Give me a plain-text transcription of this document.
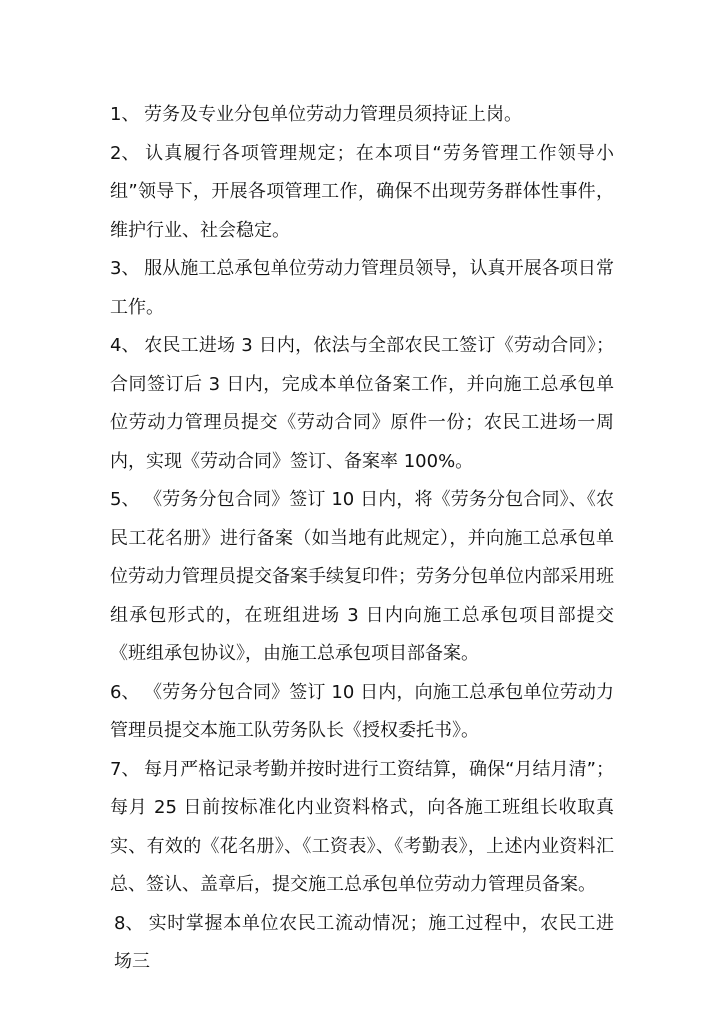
1、 劳务及专业分包单位劳动力管理员须持证上岗。

2、 认真履行各项管理规定；在本项目“劳务管理工作领导小组”领导下，开展各项管理工作，确保不出现劳务群体性事件，维护行业、社会稳定。

3、 服从施工总承包单位劳动力管理员领导，认真开展各项日常工作。

4、 农民工进场 3 日内，依法与全部农民工签订《劳动合同》；合同签订后 3 日内，完成本单位备案工作，并向施工总承包单位劳动力管理员提交《劳动合同》原件一份；农民工进场一周内，实现《劳动合同》签订、备案率 100%。

5、 《劳务分包合同》签订 10 日内，将《劳务分包合同》、《农民工花名册》进行备案（如当地有此规定），并向施工总承包单位劳动力管理员提交备案手续复印件；劳务分包单位内部采用班组承包形式的，在班组进场 3 日内向施工总承包项目部提交《班组承包协议》，由施工总承包项目部备案。

6、 《劳务分包合同》签订 10 日内，向施工总承包单位劳动力管理员提交本施工队劳务队长《授权委托书》。

7、 每月严格记录考勤并按时进行工资结算，确保“月结月清”；每月 25 日前按标准化内业资料格式，向各施工班组长收取真实、有效的《花名册》、《工资表》、《考勤表》，上述内业资料汇总、签认、盖章后，提交施工总承包单位劳动力管理员备案。

8、 实时掌握本单位农民工流动情况；施工过程中，农民工进场三
